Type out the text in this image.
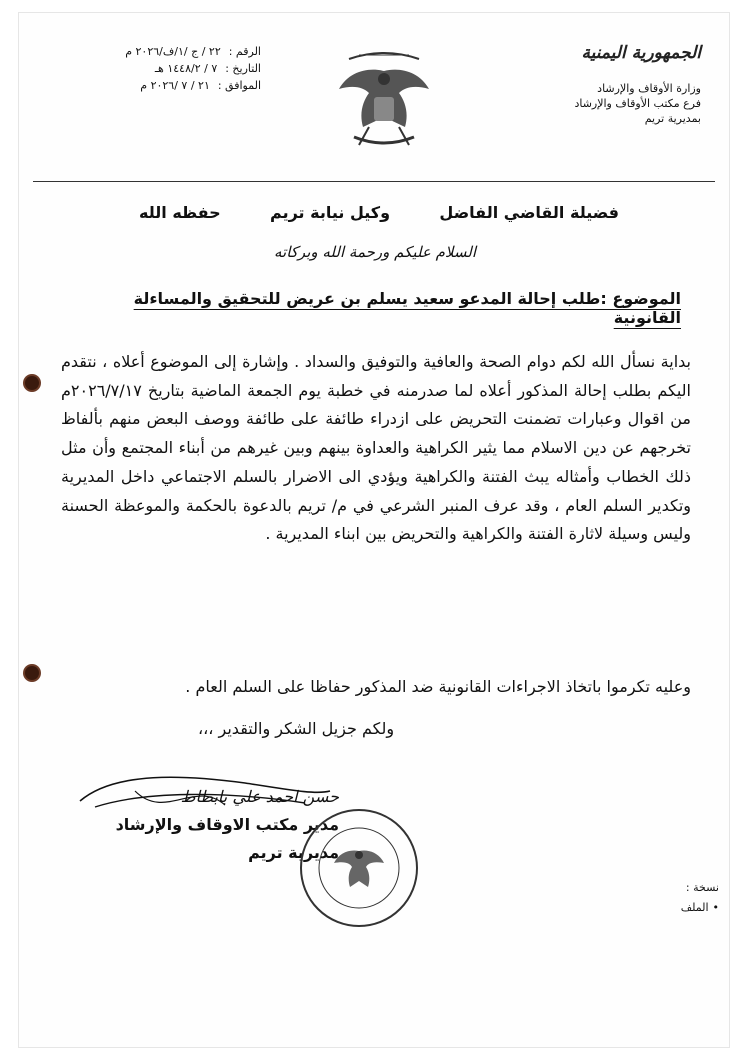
الجمهورية اليمنية
وزارة الأوقاف والإرشاد
فرع مكتب الأوقاف والإرشاد
بمديرية تريم
الرقم :
٢٢ / ج /١/ف/٢٠٢٦ م
التاريخ :
٧ / ١٤٤٨/٢ هـ
الموافق :
٢١ / ٧ /٢٠٢٦ م
فضيلة القاضي الفاضل
وكيل نيابة تريم
حفظه الله
السلام عليكم ورحمة الله وبركاته
الموضوع :طلب إحالة المدعو سعيد يسلم بن عريض للتحقيق والمساءلة القانونية

بداية نسأل الله لكم دوام الصحة والعافية والتوفيق والسداد . وإشارة إلى الموضوع أعلاه ، نتقدم اليكم بطلب إحالة المذكور أعلاه لما صدرمنه في خطبة يوم الجمعة الماضية بتاريخ ٢٠٢٦/٧/١٧م من اقوال وعبارات تضمنت التحريض على ازدراء طائفة على طائفة ووصف البعض منهم بألفاظ تخرجهم عن دين الاسلام مما يثير الكراهية والعداوة بينهم وبين غيرهم من أبناء المجتمع وأن مثل ذلك الخطاب وأمثاله يبث الفتنة والكراهية ويؤدي الى الاضرار بالسلم الاجتماعي داخل المديرية وتكدير السلم العام ، وقد عرف المنبر الشرعي في م/ تريم بالدعوة بالحكمة والموعظة الحسنة وليس وسيلة لاثارة الفتنة والكراهية والتحريض بين ابناء المديرية .

وعليه تكرموا باتخاذ الاجراءات القانونية ضد المذكور حفاظا على السلم العام .
ولكم جزيل الشكر والتقدير ،،،
حسن احمد علي بابطاط
مدير مكتب الاوقاف والإرشاد
مديرية تريم
نسخة :
• الملف
